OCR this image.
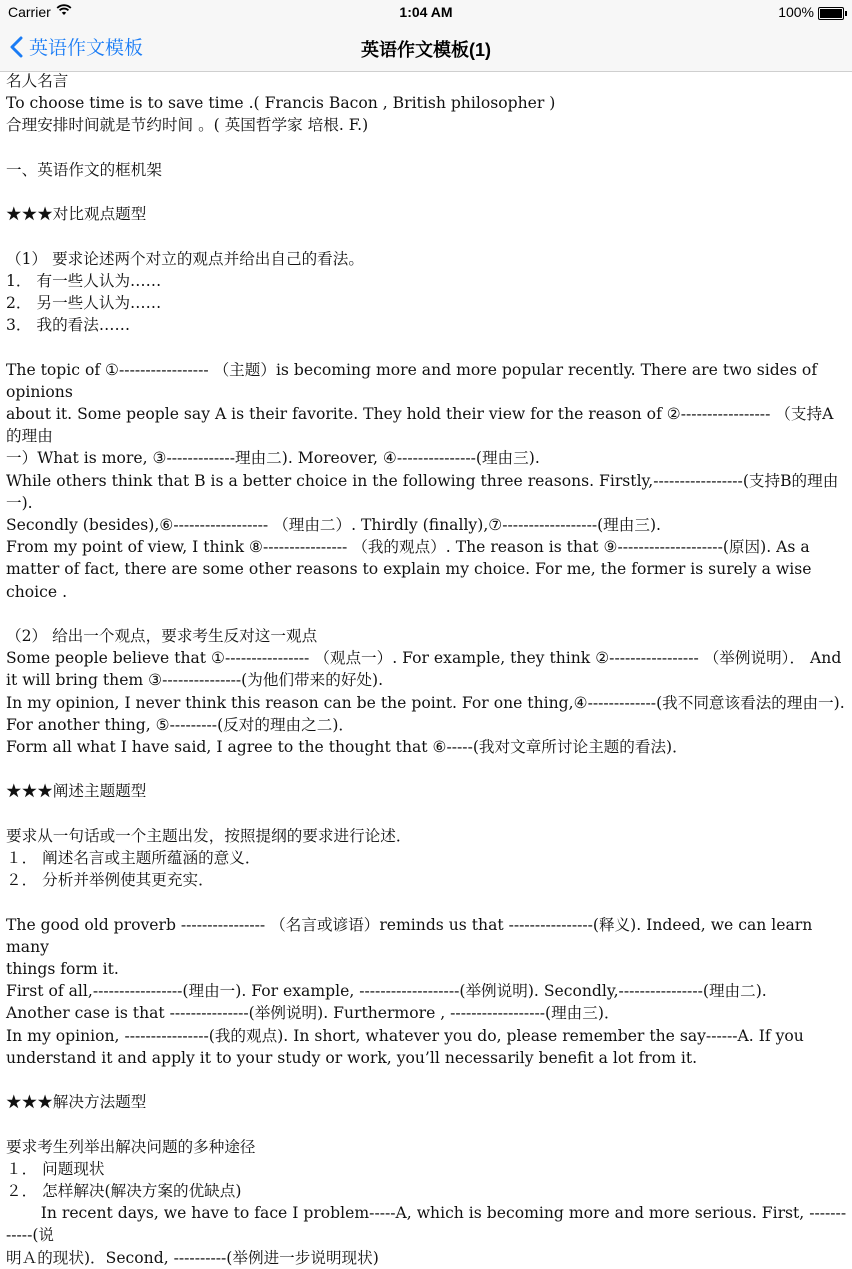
Carrier	1:04 AM	100%
英语作文模板	英语作文模板(1)
名人名言
To choose time is to save time .( Francis Bacon , British philosopher )
合理安排时间就是节约时间 。( 英国哲学家 培根. F.)
一、英语作文的框机架
★★★对比观点题型
（1） 要求论述两个对立的观点并给出自己的看法。
1． 有一些人认为……
2． 另一些人认为……
3． 我的看法……
The topic of ①----------------- （主题）is becoming more and more popular recently. There are two sides of opinions
about it. Some people say A is their favorite. They hold their view for the reason of ②----------------- （支持A的理由
一）What is more, ③-------------理由二). Moreover, ④---------------(理由三).
While others think that B is a better choice in the following three reasons. Firstly,-----------------(支持B的理由一).
Secondly (besides),⑥------------------ （理由二）. Thirdly (finally),⑦------------------(理由三).
From my point of view, I think ⑧---------------- （我的观点）. The reason is that ⑨--------------------(原因). As a
matter of fact, there are some other reasons to explain my choice. For me, the former is surely a wise choice .
（2） 给出一个观点，要求考生反对这一观点
Some people believe that ①---------------- （观点一）. For example, they think ②----------------- （举例说明）． And
it will bring them ③---------------(为他们带来的好处).
In my opinion, I never think this reason can be the point. For one thing,④-------------(我不同意该看法的理由一).
For another thing, ⑤---------(反对的理由之二)．
Form all what I have said, I agree to the thought that ⑥-----(我对文章所讨论主题的看法)．
★★★阐述主题题型
要求从一句话或一个主题出发，按照提纲的要求进行论述．
１． 阐述名言或主题所蕴涵的意义．
２． 分析并举例使其更充实．
The good old proverb ---------------- （名言或谚语）reminds us that ----------------(释义). Indeed, we can learn many
things form it.
First of all,-----------------(理由一). For example, -------------------(举例说明). Secondly,----------------(理由二).
Another case is that ---------------(举例说明). Furthermore , ------------------(理由三)．
In my opinion, ----------------(我的观点). In short, whatever you do, please remember the say------A. If you
understand it and apply it to your study or work, you’ll necessarily benefit a lot from it.
★★★解决方法题型
要求考生列举出解决问题的多种途径
１． 问题现状
２． 怎样解决(解决方案的优缺点)
In recent days, we have to face I problem-----A, which is becoming more and more serious. First, ------------(说
明Ａ的现状)．Second, ----------(举例进一步说明现状)
